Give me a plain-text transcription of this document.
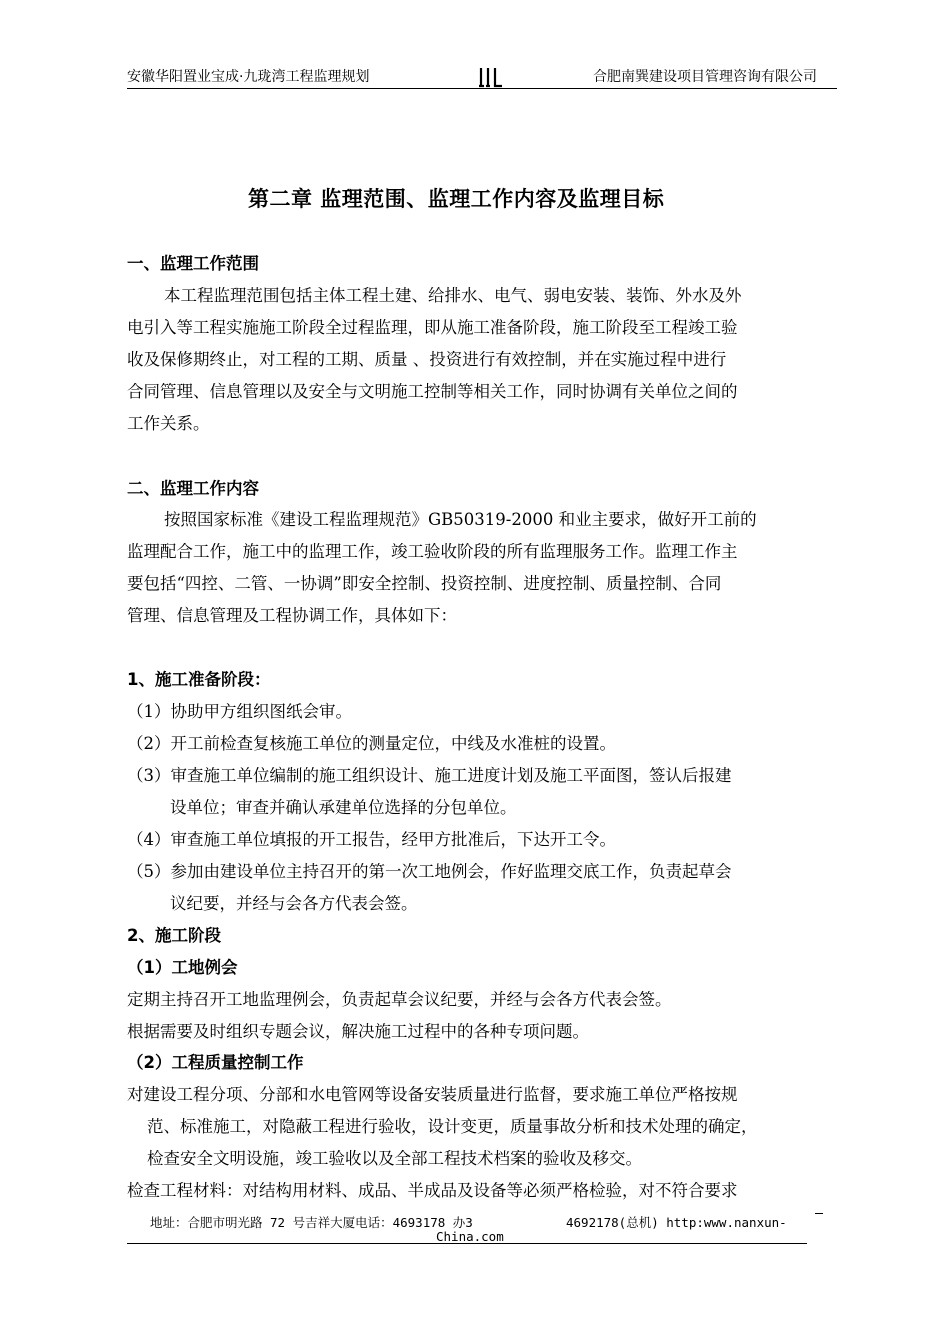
安徽华阳置业宝成·九珑湾工程监理规划	合肥南巽建设项目管理咨询有限公司
第二章 监理范围、监理工作内容及监理目标
一、监理工作范围
本工程监理范围包括主体工程土建、给排水、电气、弱电安装、装饰、外水及外
电引入等工程实施施工阶段全过程监理，即从施工准备阶段，施工阶段至工程竣工验
收及保修期终止，对工程的工期、质量 、投资进行有效控制，并在实施过程中进行
合同管理、信息管理以及安全与文明施工控制等相关工作，同时协调有关单位之间的
工作关系。
二、监理工作内容
按照国家标准《建设工程监理规范》GB50319-2000 和业主要求，做好开工前的
监理配合工作，施工中的监理工作，竣工验收阶段的所有监理服务工作。监理工作主
要包括“四控、二管、一协调”即安全控制、投资控制、进度控制、质量控制、合同
管理、信息管理及工程协调工作，具体如下：
1、施工准备阶段：
（1）协助甲方组织图纸会审。
（2）开工前检查复核施工单位的测量定位，中线及水准桩的设置。
（3）审查施工单位编制的施工组织设计、施工进度计划及施工平面图，签认后报建
设单位；审查并确认承建单位选择的分包单位。
（4）审查施工单位填报的开工报告，经甲方批准后，下达开工令。
（5）参加由建设单位主持召开的第一次工地例会，作好监理交底工作，负责起草会
议纪要，并经与会各方代表会签。
2、施工阶段
（1）工地例会
定期主持召开工地监理例会，负责起草会议纪要，并经与会各方代表会签。
根据需要及时组织专题会议，解决施工过程中的各种专项问题。
（2）工程质量控制工作
对建设工程分项、分部和水电管网等设备安装质量进行监督，要求施工单位严格按规
范、标准施工，对隐蔽工程进行验收，设计变更，质量事故分析和技术处理的确定，
检查安全文明设施，竣工验收以及全部工程技术档案的验收及移交。
检查工程材料：对结构用材料、成品、半成品及设备等必须严格检验，对不符合要求
地址：合肥市明光路 72 号吉祥大厦电话：4693178 办3	4692178(总机) http:www.nanxun-
China.com
